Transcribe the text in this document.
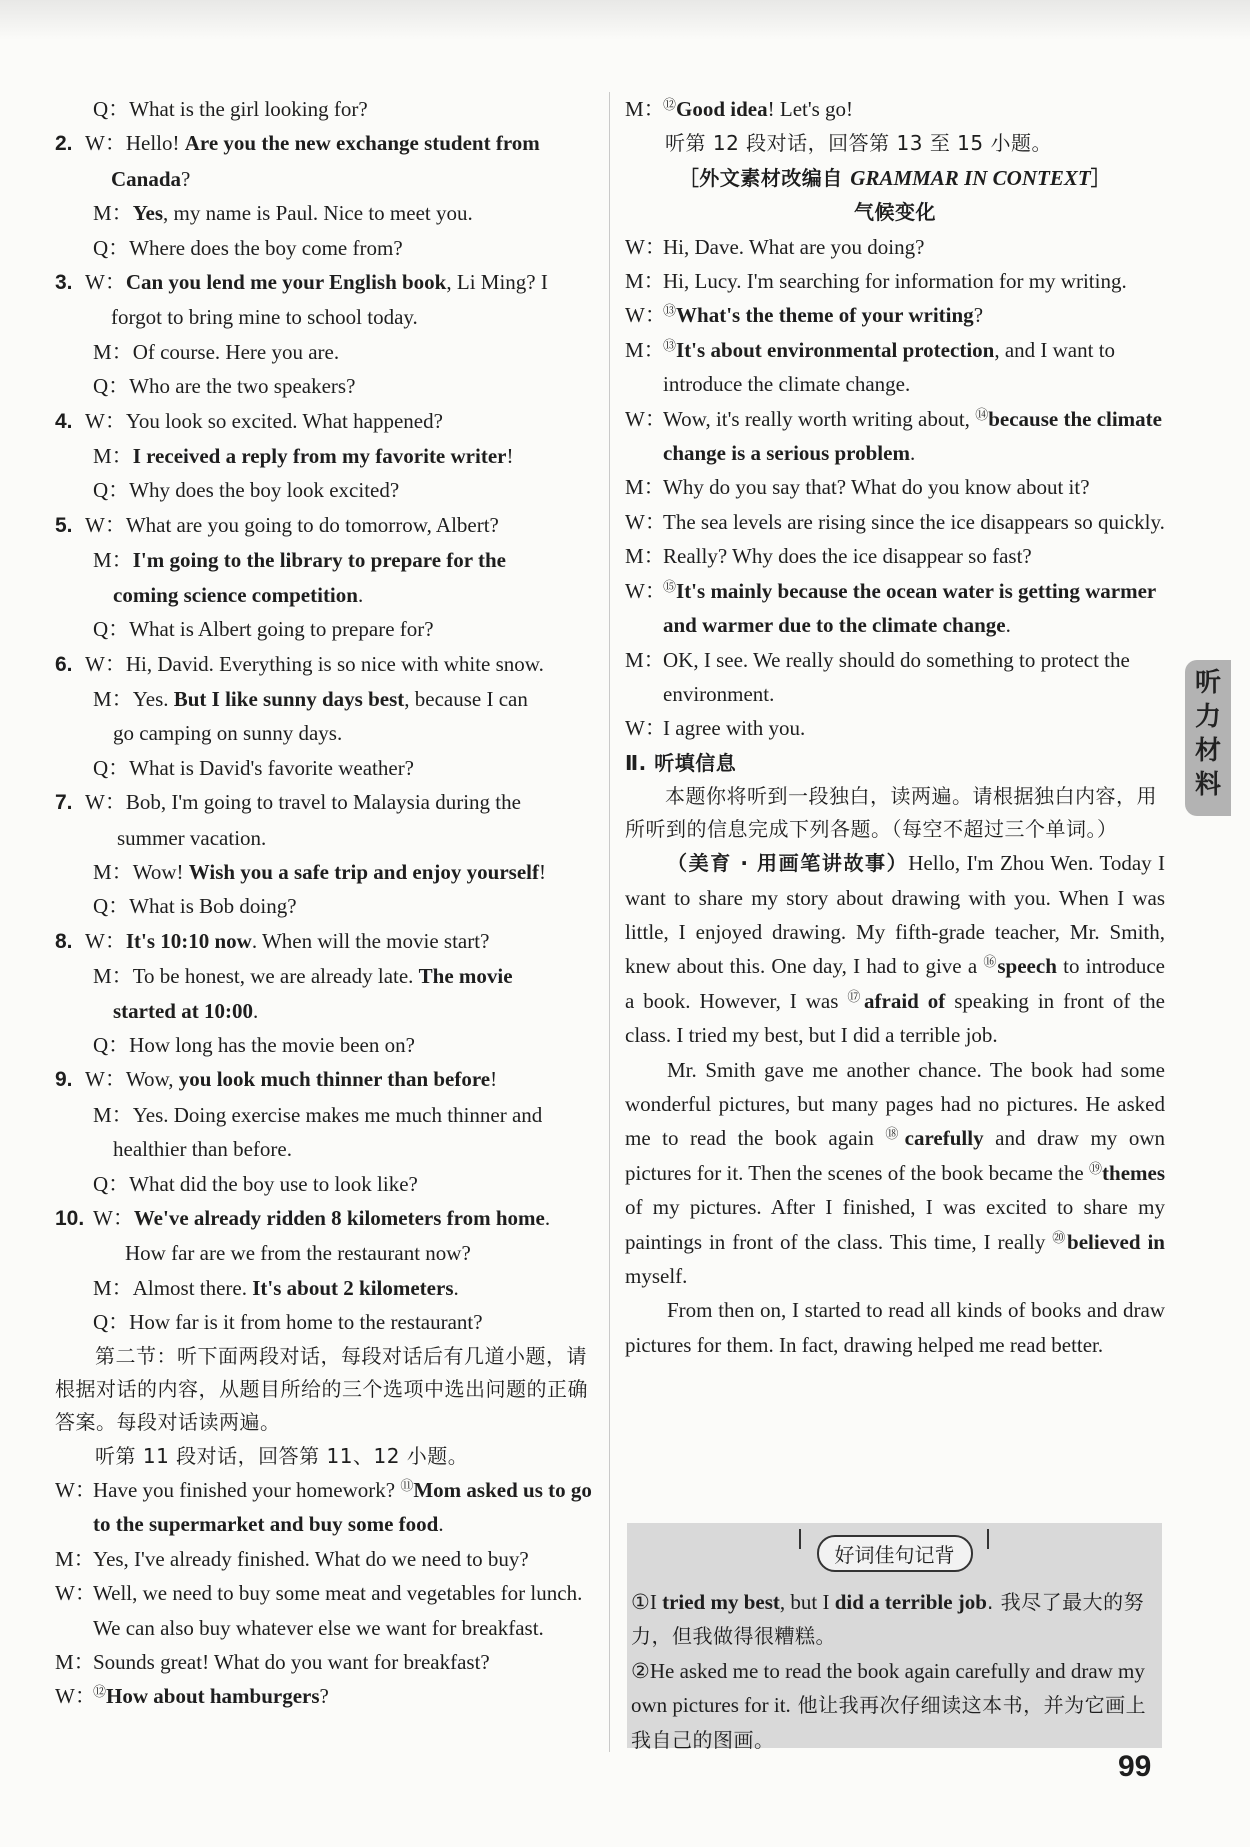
Q：What is the girl looking for?
2. W：Hello! Are you the new exchange student from
Canada?
M：Yes, my name is Paul. Nice to meet you.
Q：Where does the boy come from?
3. W：Can you lend me your English book, Li Ming? I
forgot to bring mine to school today.
M：Of course. Here you are.
Q：Who are the two speakers?
4. W：You look so excited. What happened?
M：I received a reply from my favorite writer!
Q：Why does the boy look excited?
5. W：What are you going to do tomorrow, Albert?
M：I'm going to the library to prepare for the
coming science competition.
Q：What is Albert going to prepare for?
6. W：Hi, David. Everything is so nice with white snow.
M：Yes. But I like sunny days best, because I can
go camping on sunny days.
Q：What is David's favorite weather?
7. W：Bob, I'm going to travel to Malaysia during the
summer vacation.
M：Wow! Wish you a safe trip and enjoy yourself!
Q：What is Bob doing?
8. W：It's 10:10 now. When will the movie start?
M：To be honest, we are already late. The movie
started at 10:00.
Q：How long has the movie been on?
9. W：Wow, you look much thinner than before!
M：Yes. Doing exercise makes me much thinner and
healthier than before.
Q：What did the boy use to look like?
10. W：We've already ridden 8 kilometers from home.
How far are we from the restaurant now?
M：Almost there. It's about 2 kilometers.
Q：How far is it from home to the restaurant?
第二节：听下面两段对话，每段对话后有几道小题，请根据对话的内容，从题目所给的三个选项中选出问题的正确答案。每段对话读两遍。
听第 11 段对话，回答第 11、12 小题。
W：Have you finished your homework? ⑪Mom asked us to go to the supermarket and buy some food.
M：Yes, I've already finished. What do we need to buy?
W：Well, we need to buy some meat and vegetables for lunch. We can also buy whatever else we want for breakfast.
M：Sounds great! What do you want for breakfast?
W：⑫How about hamburgers?
M：⑫Good idea! Let's go!
听第 12 段对话，回答第 13 至 15 小题。
［外文素材改编自 GRAMMAR IN CONTEXT］
气候变化
W：Hi, Dave. What are you doing?
M：Hi, Lucy. I'm searching for information for my writing.
W：⑬What's the theme of your writing?
M：⑬It's about environmental protection, and I want to introduce the climate change.
W：Wow, it's really worth writing about, ⑭because the climate change is a serious problem.
M：Why do you say that? What do you know about it?
W：The sea levels are rising since the ice disappears so quickly.
M：Really? Why does the ice disappear so fast?
W：⑮It's mainly because the ocean water is getting warmer and warmer due to the climate change.
M：OK, I see. We really should do something to protect the environment.
W：I agree with you.
Ⅱ. 听填信息
本题你将听到一段独白，读两遍。请根据独白内容，用所听到的信息完成下列各题。（每空不超过三个单词。）
（美育 · 用画笔讲故事）Hello, I'm Zhou Wen. Today I want to share my story about drawing with you. When I was little, I enjoyed drawing. My fifth-grade teacher, Mr. Smith, knew about this. One day, I had to give a ⑯speech to introduce a book. However, I was ⑰afraid of speaking in front of the class. I tried my best, but I did a terrible job.
Mr. Smith gave me another chance. The book had some wonderful pictures, but many pages had no pictures. He asked me to read the book again ⑱carefully and draw my own pictures for it. Then the scenes of the book became the ⑲themes of my pictures. After I finished, I was excited to share my paintings in front of the class. This time, I really ⑳believed in myself.
From then on, I started to read all kinds of books and draw pictures for them. In fact, drawing helped me read better.
好词佳句记背
①I tried my best, but I did a terrible job. 我尽了最大的努力，但我做得很糟糕。
②He asked me to read the book again carefully and draw my own pictures for it. 他让我再次仔细读这本书，并为它画上我自己的图画。
听
力
材
料
99
